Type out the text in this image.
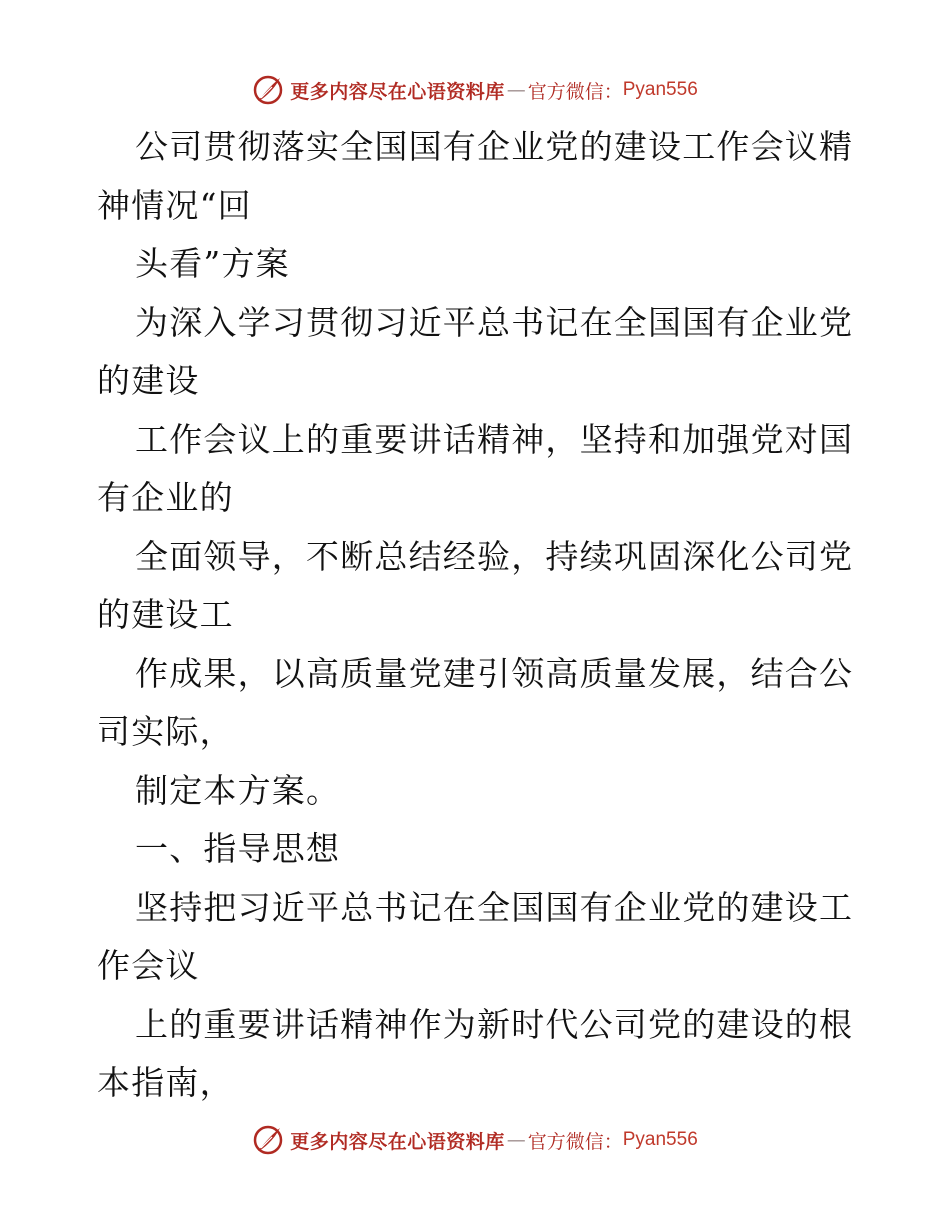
更多内容尽在心语资料库 — 官方微信： Pyan556
公司贯彻落实全国国有企业党的建设工作会议精
神情况“回
头看”方案
为深入学习贯彻习近平总书记在全国国有企业党
的建设
工作会议上的重要讲话精神，坚持和加强党对国
有企业的
全面领导，不断总结经验，持续巩固深化公司党
的建设工
作成果，以高质量党建引领高质量发展，结合公
司实际，
制定本方案。
一、指导思想
坚持把习近平总书记在全国国有企业党的建设工
作会议
上的重要讲话精神作为新时代公司党的建设的根
本指南，
更多内容尽在心语资料库 — 官方微信： Pyan556
